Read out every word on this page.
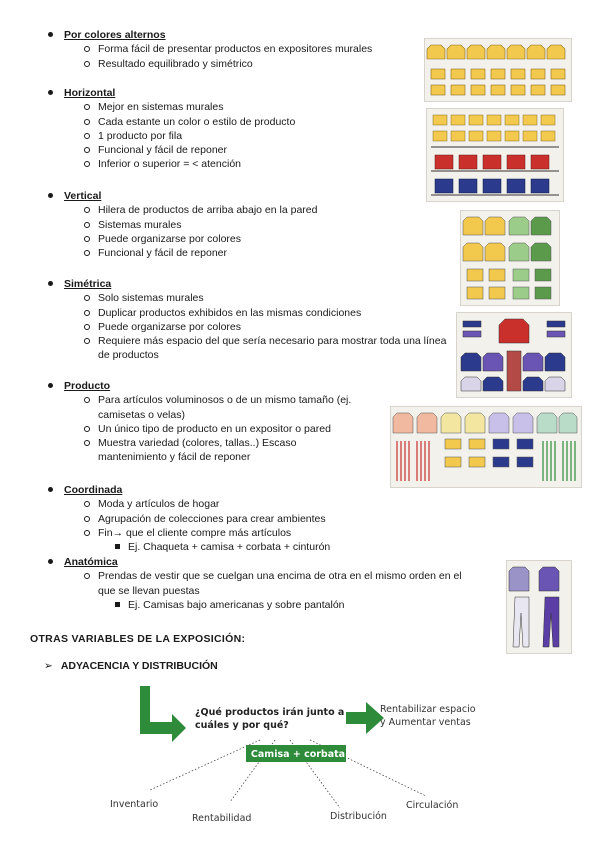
Por colores alternos
Forma fácil de presentar productos en expositores murales
Resultado equilibrado y simétrico
Horizontal
Mejor en sistemas murales
Cada estante un color o estilo de producto
1 producto por fila
Funcional y fácil de reponer
Inferior o superior = < atención
Vertical
Hilera de productos de arriba abajo en la pared
Sistemas murales
Puede organizarse por colores
Funcional y fácil de reponer
Simétrica
Solo sistemas murales
Duplicar productos exhibidos en las mismas condiciones
Puede organizarse por colores
Requiere más espacio del que sería necesario para mostrar toda una línea de productos
Producto
Para artículos voluminosos o de un mismo tamaño (ej. camisetas o velas)
Un único tipo de producto en un expositor o pared
Muestra variedad (colores, tallas..) Escaso mantenimiento y fácil de reponer
Coordinada
Moda y artículos de hogar
Agrupación de colecciones para crear ambientes
Fin→ que el cliente compre más artículos
Ej. Chaqueta + camisa + corbata + cinturón
Anatómica
Prendas de vestir que se cuelgan una encima de otra en el mismo orden en el que se llevan puestas
Ej. Camisas bajo americanas y sobre pantalón
OTRAS VARIABLES DE LA EXPOSICIÓN:
➢ ADYACENCIA Y DISTRIBUCIÓN
¿Qué productos irán junto a cuáles y por qué?
Rentabilizar espacio y Aumentar ventas
Camisa + corbata
Inventario
Rentabilidad	Distribución
Circulación
